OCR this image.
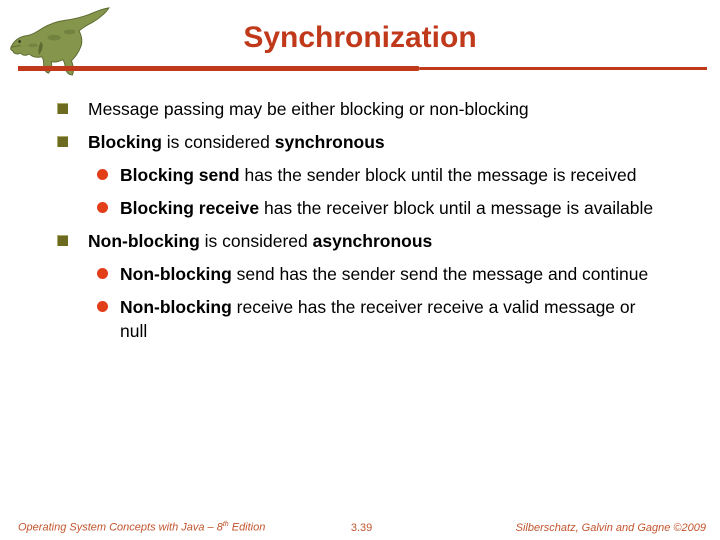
Synchronization
Message passing may be either blocking or non-blocking
Blocking is considered synchronous
Blocking send has the sender block until the message is received
Blocking receive has the receiver block until a message is available
Non-blocking is considered asynchronous
Non-blocking send has the sender send the message and continue
Non-blocking receive has the receiver receive a valid message or null
Operating System Concepts with Java – 8th Edition	3.39	Silberschatz, Galvin and Gagne ©2009
